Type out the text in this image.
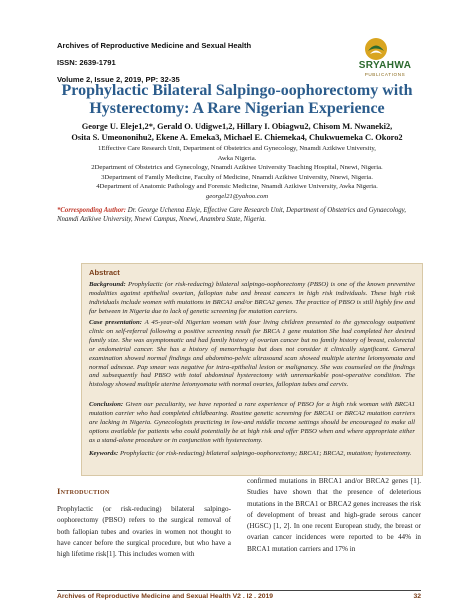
Archives of Reproductive Medicine and Sexual Health
ISSN: 2639-1791
Volume 2, Issue 2, 2019, PP: 32-35
SRYAHWA
PUBLICATIONS
Prophylactic Bilateral Salpingo-oophorectomy with Hysterectomy: A Rare Nigerian Experience
George U. Eleje1,2*, Gerald O. Udigwe1,2, Hillary I. Obiagwu2, Chisom M. Nwaneki2,
Osita S. Umeononihu2, Ekene A. Emeka3, Michael E. Chiemeka4, Chukwuemeka C. Okoro2
1Effective Care Research Unit, Department of Obstetrics and Gynecology, Nnamdi Azikiwe University,
Awka Nigeria.
2Department of Obstetrics and Gynecology, Nnamdi Azikiwe University Teaching Hospital, Nnewi, Nigeria.
3Department of Family Medicine, Faculty of Medicine, Nnamdi Azikiwe University, Nnewi, Nigeria.
4Department of Anatomic Pathology and Forensic Medicine, Nnamdi Azikiwe University, Awka Nigeria.
georgel21@yahoo.com
*Corresponding Author: Dr. George Uchenna Eleje, Effective Care Research Unit, Department of Obstetrics and Gynaecology, Nnamdi Azikiwe University, Nnewi Campus, Nnewi, Anambra State, Nigeria.
Abstract

Background: Prophylactic (or risk-reducing) bilateral salpingo-oophorectomy (PBSO) is one of the known preventive modalities against epithelial ovarian, fallopian tube and breast cancers in high risk individuals. These high risk individuals include women with mutations in BRCA1 and/or BRCA2 genes. The practice of PBSO is still highly few and far between in Nigeria due to lack of genetic screening for mutation carriers.

Case presentation: A 45-year-old Nigerian woman with four living children presented to the gynecology outpatient clinic on self-referral following a positive screening result for BRCA 1 gene mutation She had completed her desired family size. She was asymptomatic and had family history of ovarian cancer but no family history of breast, colorectal or endometrial cancer. She has a history of menorrhagia but does not consider it clinically significant. General examination showed normal findings and abdomino-pelvic ultrasound scan showed multiple uterine leiomyomata and normal adnexae. Pap smear was negative for intra-epithelial lesion or malignancy. She was counseled on the findings and subsequently had PBSO with total abdominal hysterectomy with unremarkable post-operative condition. The histology showed multiple uterine leiomyomata with normal ovaries, fallopian tubes and cervix.

Conclusion: Given our peculiarity, we have reported a rare experience of PBSO for a high risk woman with BRCA1 mutation carrier who had completed childbearing. Routine genetic screening for BRCA1 or BRCA2 mutation carriers are lacking in Nigeria. Gynecologists practicing in low-and middle income settings should be encouraged to make all options available for patients who could potentially be at high risk and offer PBSO when and where appropriate either as a stand-alone procedure or in conjunction with hysterectomy.

Keywords: Prophylactic (or risk-reducing) bilateral salpingo-oophorectomy; BRCA1; BRCA2, mutation; hysterectomy.

Introduction

Prophylactic (or risk-reducing) bilateral salpingo-oophorectomy (PBSO) refers to the surgical removal of both fallopian tubes and ovaries in women not thought to have cancer before the surgical procedure, but who have a high lifetime risk[1]. This includes women with

confirmed mutations in BRCA1 and/or BRCA2 genes [1]. Studies have shown that the presence of deleterious mutations in the BRCA1 or BRCA2 genes increases the risk of development of breast and high-grade serous cancer (HGSC) [1, 2]. In one recent European study, the breast or ovarian cancer incidences were reported to be 44% in BRCA1 mutation carriers and 17% in

Archives of Reproductive Medicine and Sexual Health V2 . I2 . 2019	32
